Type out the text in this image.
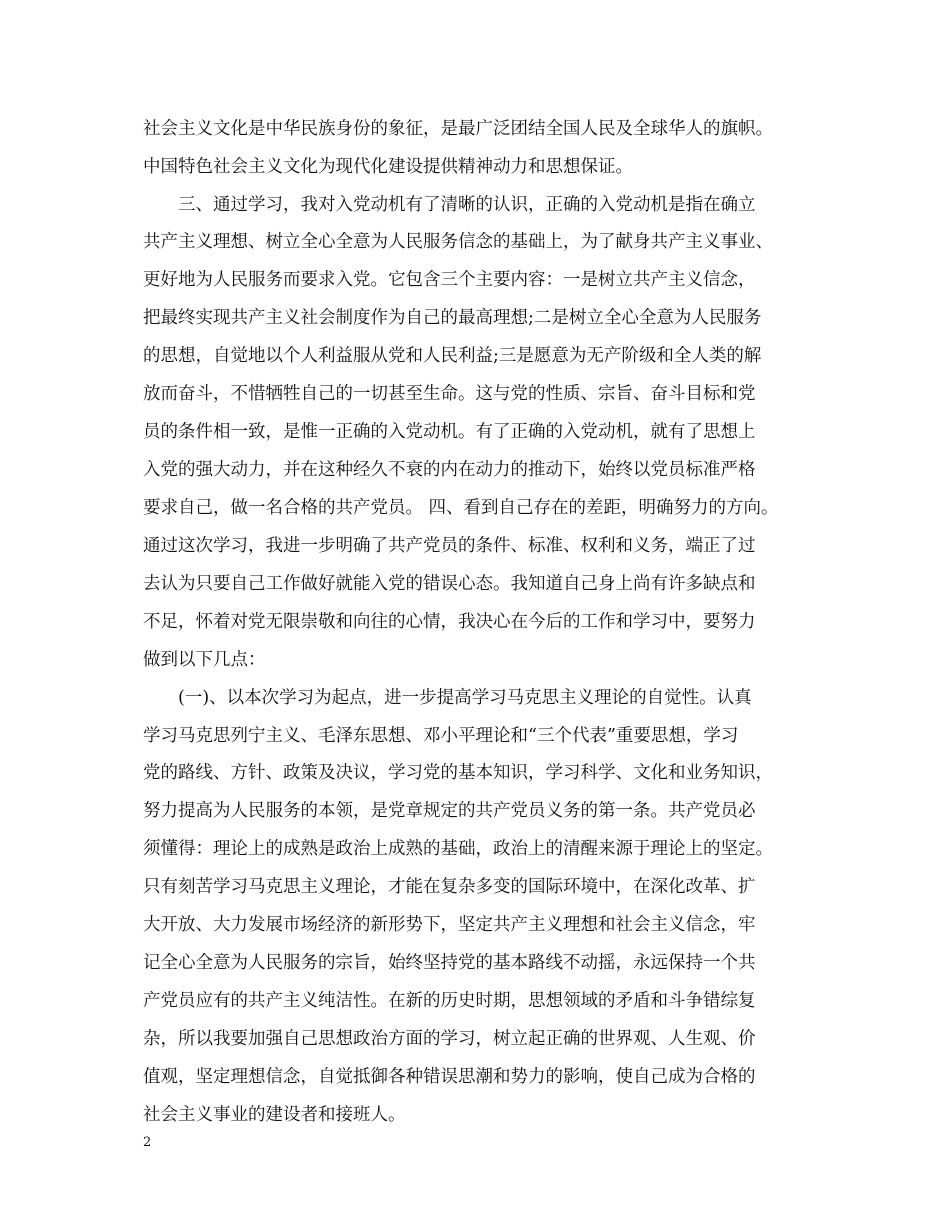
社会主义文化是中华民族身份的象征，是最广泛团结全国人民及全球华人的旗帜。
中国特色社会主义文化为现代化建设提供精神动力和思想保证。
三、通过学习，我对入党动机有了清晰的认识，正确的入党动机是指在确立
共产主义理想、树立全心全意为人民服务信念的基础上，为了献身共产主义事业、
更好地为人民服务而要求入党。它包含三个主要内容：一是树立共产主义信念，
把最终实现共产主义社会制度作为自己的最高理想;二是树立全心全意为人民服务
的思想，自觉地以个人利益服从党和人民利益;三是愿意为无产阶级和全人类的解
放而奋斗，不惜牺牲自己的一切甚至生命。这与党的性质、宗旨、奋斗目标和党
员的条件相一致，是惟一正确的入党动机。有了正确的入党动机，就有了思想上
入党的强大动力，并在这种经久不衰的内在动力的推动下，始终以党员标准严格
要求自己，做一名合格的共产党员。 四、看到自己存在的差距，明确努力的方向。
通过这次学习，我进一步明确了共产党员的条件、标准、权利和义务，端正了过
去认为只要自己工作做好就能入党的错误心态。我知道自己身上尚有许多缺点和
不足，怀着对党无限崇敬和向往的心情，我决心在今后的工作和学习中，要努力
做到以下几点：
(一)、以本次学习为起点，进一步提高学习马克思主义理论的自觉性。认真
学习马克思列宁主义、毛泽东思想、邓小平理论和“三个代表”重要思想，学习
党的路线、方针、政策及决议，学习党的基本知识，学习科学、文化和业务知识，
努力提高为人民服务的本领，是党章规定的共产党员义务的第一条。共产党员必
须懂得：理论上的成熟是政治上成熟的基础，政治上的清醒来源于理论上的坚定。
只有刻苦学习马克思主义理论，才能在复杂多变的国际环境中，在深化改革、扩
大开放、大力发展市场经济的新形势下，坚定共产主义理想和社会主义信念，牢
记全心全意为人民服务的宗旨，始终坚持党的基本路线不动摇，永远保持一个共
产党员应有的共产主义纯洁性。在新的历史时期，思想领域的矛盾和斗争错综复
杂，所以我要加强自己思想政治方面的学习，树立起正确的世界观、人生观、价
值观，坚定理想信念，自觉抵御各种错误思潮和势力的影响，使自己成为合格的
社会主义事业的建设者和接班人。
2
